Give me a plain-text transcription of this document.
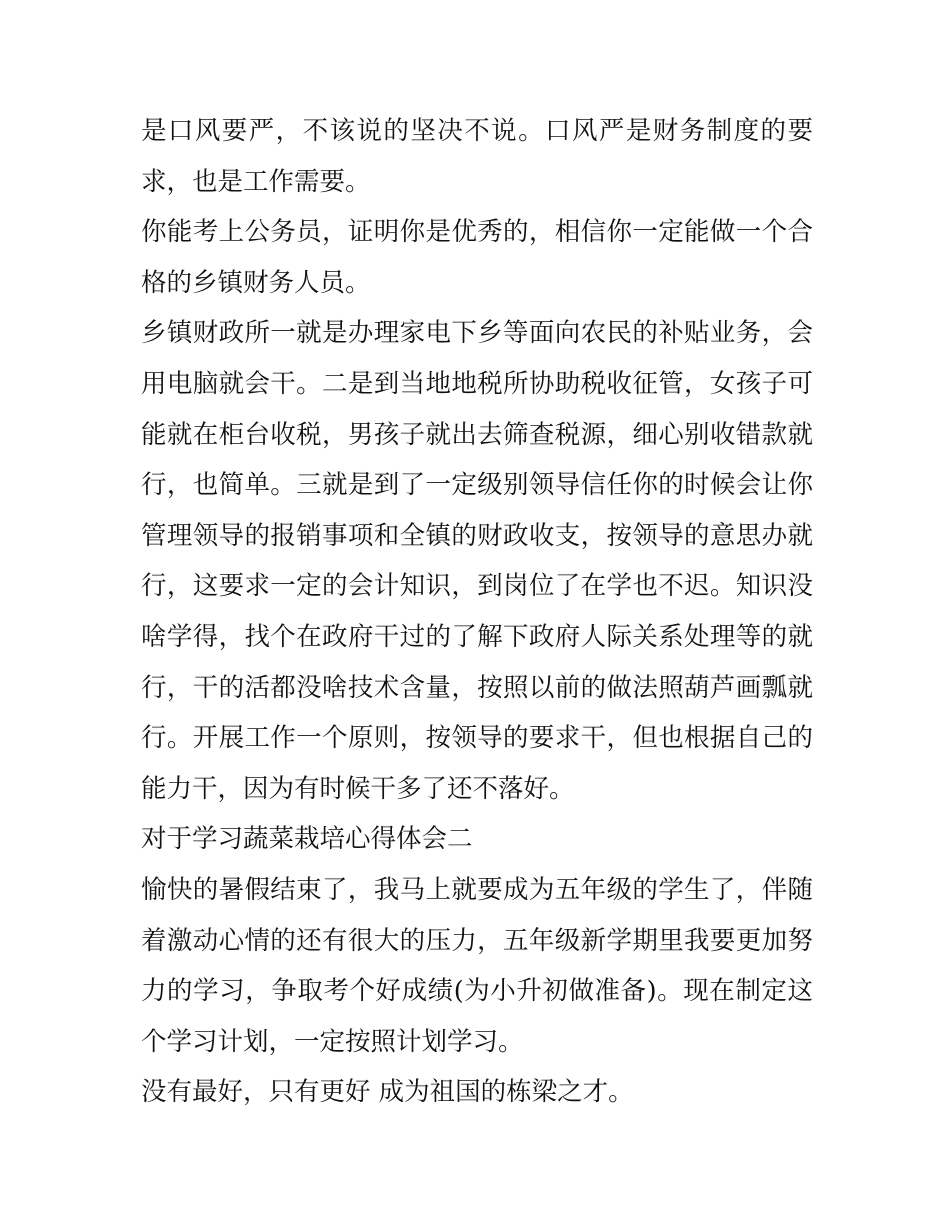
是口风要严，不该说的坚决不说。口风严是财务制度的要求，也是工作需要。

你能考上公务员，证明你是优秀的，相信你一定能做一个合格的乡镇财务人员。

乡镇财政所一就是办理家电下乡等面向农民的补贴业务，会用电脑就会干。二是到当地地税所协助税收征管，女孩子可能就在柜台收税，男孩子就出去筛查税源，细心别收错款就行，也简单。三就是到了一定级别领导信任你的时候会让你管理领导的报销事项和全镇的财政收支，按领导的意思办就行，这要求一定的会计知识，到岗位了在学也不迟。知识没啥学得，找个在政府干过的了解下政府人际关系处理等的就行，干的活都没啥技术含量，按照以前的做法照葫芦画瓢就行。开展工作一个原则，按领导的要求干，但也根据自己的能力干，因为有时候干多了还不落好。

对于学习蔬菜栽培心得体会二

愉快的暑假结束了，我马上就要成为五年级的学生了，伴随着激动心情的还有很大的压力，五年级新学期里我要更加努力的学习，争取考个好成绩(为小升初做准备)。现在制定这个学习计划，一定按照计划学习。

没有最好，只有更好 成为祖国的栋梁之才。
